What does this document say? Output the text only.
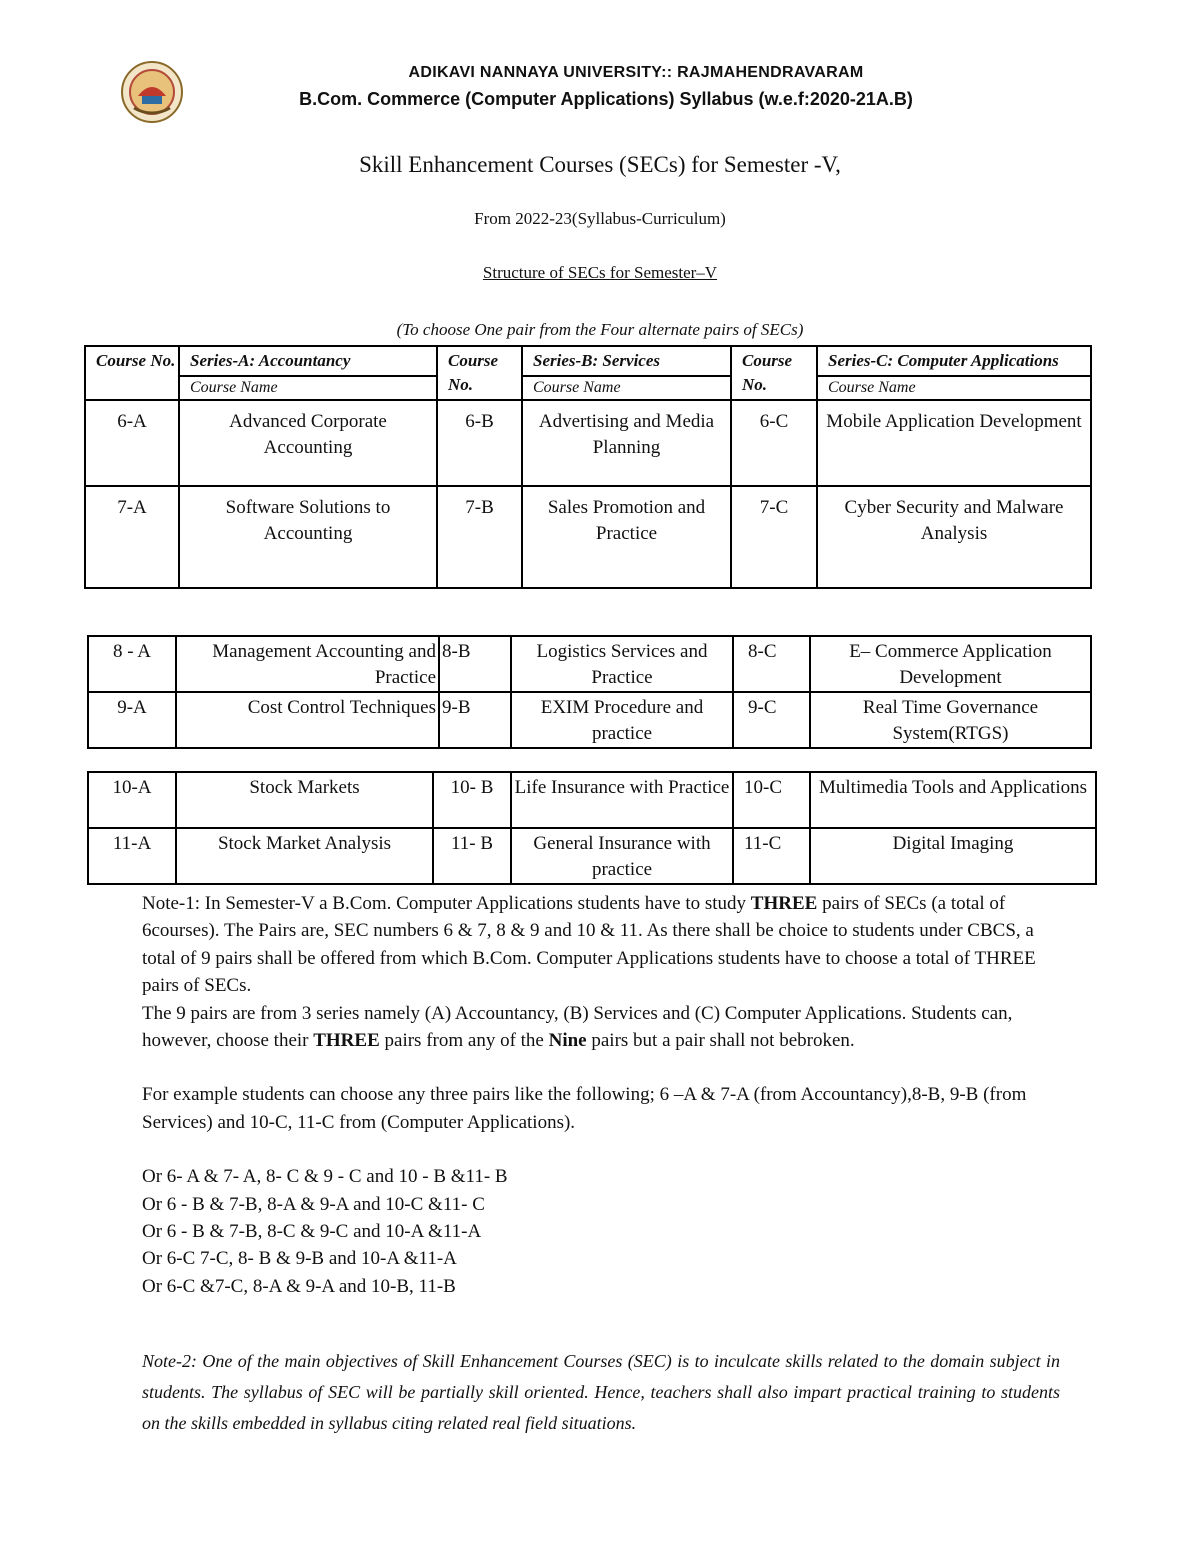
ADIKAVI NANNAYA UNIVERSITY:: RAJMAHENDRAVARAM
B.Com. Commerce (Computer Applications) Syllabus (w.e.f:2020-21A.B)
Skill Enhancement Courses (SECs) for Semester -V,
From 2022-23(Syllabus-Curriculum)
Structure of SECs for Semester–V
(To choose One pair from the Four alternate pairs of SECs)
Course No.	Series-A: Accountancy	Course No.	Series-B: Services	Course No.	Series-C: Computer Applications
	Course Name		Course Name		Course Name
6-A	Advanced Corporate Accounting	6-B	Advertising and Media Planning	6-C	Mobile Application Development
7-A	Software Solutions to Accounting	7-B	Sales Promotion and Practice	7-C	Cyber Security and Malware Analysis
8 - A	Management Accounting and Practice	8-B	Logistics Services and Practice	8-C	E– Commerce Application Development
9-A	Cost Control Techniques	9-B	EXIM Procedure and practice	9-C	Real Time Governance System(RTGS)
10-A	Stock Markets	10- B	Life Insurance with Practice	10-C	Multimedia Tools and Applications
11-A	Stock Market Analysis	11- B	General Insurance with practice	11-C	Digital Imaging

Note-1: In Semester-V a B.Com. Computer Applications students have to study THREE pairs of SECs (a total of 6courses). The Pairs are, SEC numbers 6 & 7, 8 & 9 and 10 & 11. As there shall be choice to students under CBCS, a total of 9 pairs shall be offered from which B.Com. Computer Applications students have to choose a total of THREE pairs of SECs.

The 9 pairs are from 3 series namely (A) Accountancy, (B) Services and (C) Computer Applications. Students can, however, choose their THREE pairs from any of the Nine pairs but a pair shall not bebroken.

For example students can choose any three pairs like the following; 6 –A & 7-A (from Accountancy),8-B, 9-B (from Services) and 10-C, 11-C from (Computer Applications).

Or 6- A & 7- A, 8- C & 9 - C and 10 - B &11- B

Or 6 - B & 7-B, 8-A & 9-A and 10-C &11- C

Or 6 - B & 7-B, 8-C & 9-C and 10-A &11-A

Or 6-C 7-C, 8- B & 9-B and 10-A &11-A

Or 6-C &7-C, 8-A & 9-A and 10-B, 11-B

Note-2: One of the main objectives of Skill Enhancement Courses (SEC) is to inculcate skills related to the domain subject in students. The syllabus of SEC will be partially skill oriented. Hence, teachers shall also impart practical training to students on the skills embedded in syllabus citing related real field situations.
